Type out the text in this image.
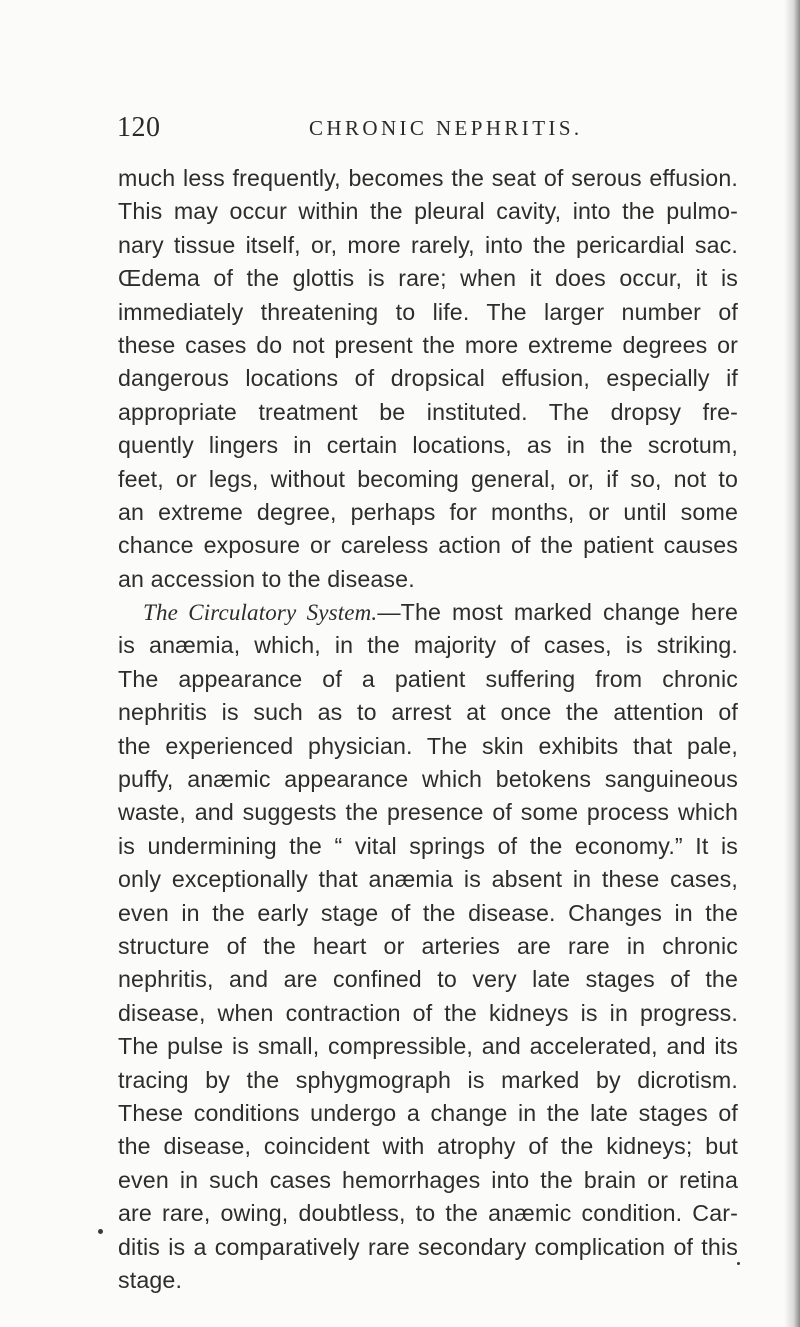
120	CHRONIC NEPHRITIS.
much less frequently, becomes the seat of serous effusion.
This may occur within the pleural cavity, into the pulmo-
nary tissue itself, or, more rarely, into the pericardial sac.
Œdema of the glottis is rare; when it does occur, it is
immediately threatening to life. The larger number of
these cases do not present the more extreme degrees or
dangerous locations of dropsical effusion, especially if
appropriate treatment be instituted. The dropsy fre-
quently lingers in certain locations, as in the scrotum,
feet, or legs, without becoming general, or, if so, not to
an extreme degree, perhaps for months, or until some
chance exposure or careless action of the patient causes
an accession to the disease.
The Circulatory System.—The most marked change here
is anæmia, which, in the majority of cases, is striking.
The appearance of a patient suffering from chronic
nephritis is such as to arrest at once the attention of
the experienced physician. The skin exhibits that pale,
puffy, anæmic appearance which betokens sanguineous
waste, and suggests the presence of some process which
is undermining the “ vital springs of the economy.” It is
only exceptionally that anæmia is absent in these cases,
even in the early stage of the disease. Changes in the
structure of the heart or arteries are rare in chronic
nephritis, and are confined to very late stages of the
disease, when contraction of the kidneys is in progress.
The pulse is small, compressible, and accelerated, and its
tracing by the sphygmograph is marked by dicrotism.
These conditions undergo a change in the late stages of
the disease, coincident with atrophy of the kidneys; but
even in such cases hemorrhages into the brain or retina
are rare, owing, doubtless, to the anæmic condition. Car-
ditis is a comparatively rare secondary complication of this
stage.
